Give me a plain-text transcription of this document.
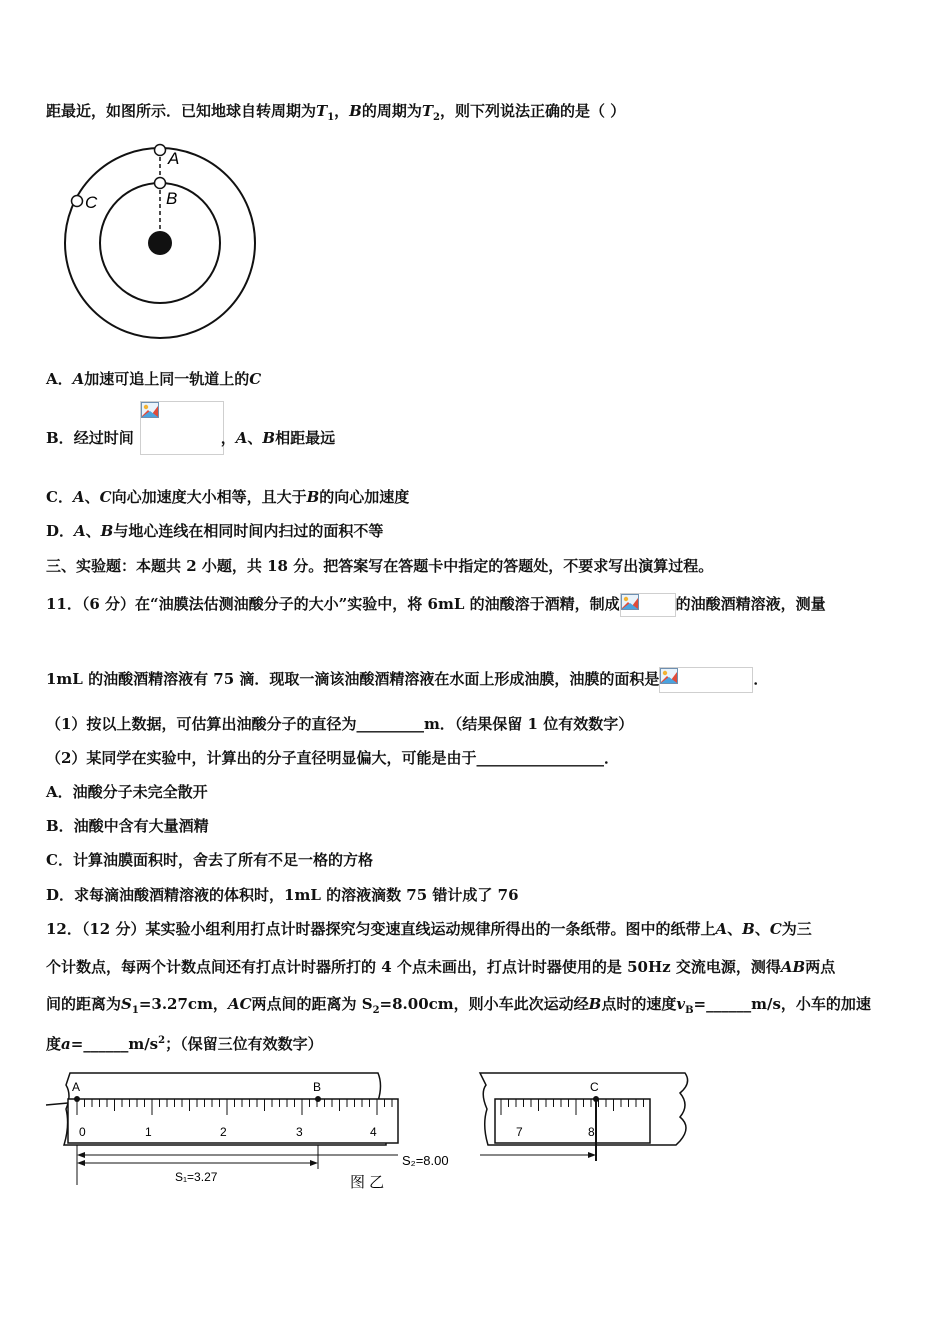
距最近，如图所示．已知地球自转周期为$T_1$，B的周期为$T_2$，则下列说法正确的是（ ）
A
B
C
A．A加速可追上同一轨道上的C
B．经过时间	，A、B相距最远
C．A、C向心加速度大小相等，且大于B的向心加速度
D．A、B与地心连线在相同时间内扫过的面积不等
三、实验题：本题共 2 小题，共 18 分。把答案写在答题卡中指定的答题处，不要求写出演算过程。
11．（6 分）在“油膜法估测油酸分子的大小”实验中，将 6mL 的油酸溶于酒精，制成	的油酸酒精溶液，测量
1mL 的油酸酒精溶液有 75 滴．现取一滴该油酸酒精溶液在水面上形成油膜，油膜的面积是	．
（1）按以上数据，可估算出油酸分子的直径为_________m．（结果保留 1 位有效数字）
（2）某同学在实验中，计算出的分子直径明显偏大，可能是由于_________________．
A．油酸分子未完全散开
B．油酸中含有大量酒精
C．计算油膜面积时，舍去了所有不足一格的方格
D．求每滴油酸酒精溶液的体积时，1mL 的溶液滴数 75 错计成了 76
12．（12 分）某实验小组利用打点计时器探究匀变速直线运动规律所得出的一条纸带。图中的纸带上A、B、C为三
个计数点，每两个计数点间还有打点计时器所打的 4 个点未画出，打点计时器使用的是 50Hz 交流电源，测得AB两点
间的距离为$S_1=3.27cm$，AC两点间的距离为 $S_2=8.00cm$，则小车此次运动经B点时的速度$v_B=\_\_\_\_\_\_m/s$，小车的加速
度$a=\_\_\_\_\_\_m/s^2$；（保留三位有效数字）
A	B
0	1	2	3	4
S₁=3.27	图 乙
S₂=8.00
C
7	8
